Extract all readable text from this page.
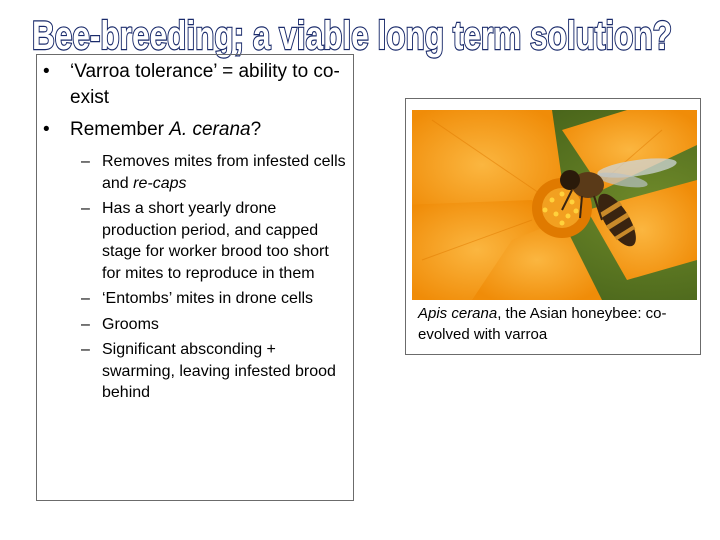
Bee-breeding; a viable long term solution?

• ‘Varroa tolerance’ = ability to co-exist

• Remember A. cerana?

– Removes mites from infested cells and re-caps

– Has a short yearly drone production period, and capped stage for worker brood too short for mites to reproduce in them

– ‘Entombs’ mites in drone cells

– Grooms

– Significant absconding + swarming, leaving infested brood behind

Apis cerana, the Asian honeybee: co-evolved with varroa
